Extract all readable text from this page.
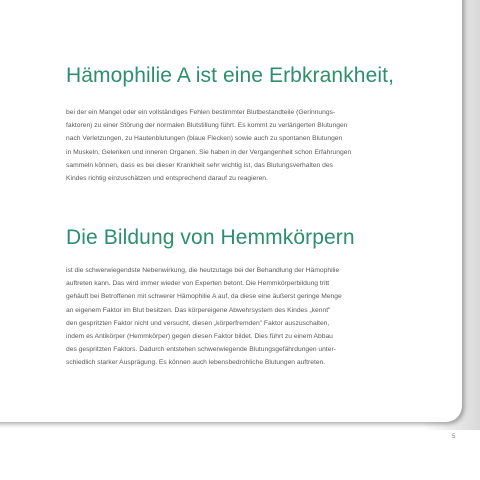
Hämophilie A ist eine Erbkrankheit,

bei der ein Mangel oder ein vollständiges Fehlen bestimmter Blutbestandteile (Gerinnungs-
faktoren) zu einer Störung der normalen Blutstillung führt. Es kommt zu verlängerten Blutungen
nach Verletzungen, zu Hautenblutungen (blaue Flecken) sowie auch zu spontanen Blutungen
in Muskeln, Gelenken und inneren Organen. Sie haben in der Vergangenheit schon Erfahrungen
sammeln können, dass es bei dieser Krankheit sehr wichtig ist, das Blutungsverhalten des
Kindes richtig einzuschätzen und entsprechend darauf zu reagieren.

Die Bildung von Hemmkörpern

ist die schwerwiegendste Nebenwirkung, die heutzutage bei der Behandlung der Hämophilie
auftreten kann. Das wird immer wieder von Experten betont. Die Hemmkörperbildung tritt
gehäuft bei Betroffenen mit schwerer Hämophilie A auf, da diese eine äußerst geringe Menge
an eigenem Faktor im Blut besitzen. Das körpereigene Abwehrsystem des Kindes „kennt"
den gespritzten Faktor nicht und versucht, diesen „körperfremden" Faktor auszuschalten,
indem es Antikörper (Hemmkörper) gegen diesen Faktor bildet. Dies führt zu einem Abbau
des gespritzten Faktors. Dadurch entstehen schwerwiegende Blutungsgefährdungen unter-
schiedlich starker Ausprägung. Es können auch lebensbedrohliche Blutungen auftreten.

5
